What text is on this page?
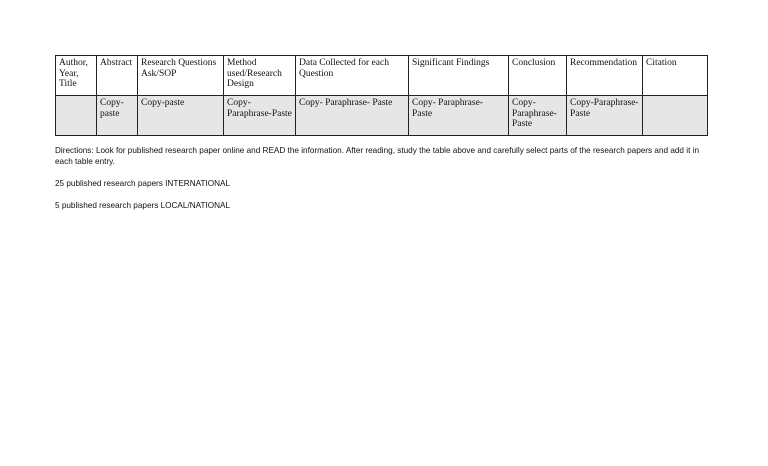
Author, Year, Title	Abstract	Research Questions Ask/SOP	Method used/Research Design	Data Collected for each Question	Significant Findings	Conclusion	Recommendation	Citation
	Copy-paste	Copy-paste	Copy-Paraphrase-Paste	Copy- Paraphrase- Paste	Copy- Paraphrase- Paste	Copy-Paraphrase-Paste	Copy-Paraphrase- Paste	

Directions: Look for published research paper online and READ the information. After reading, study the table above and carefully select parts of the research papers and add it in each table entry.

25 published research papers INTERNATIONAL

5 published research papers LOCAL/NATIONAL
